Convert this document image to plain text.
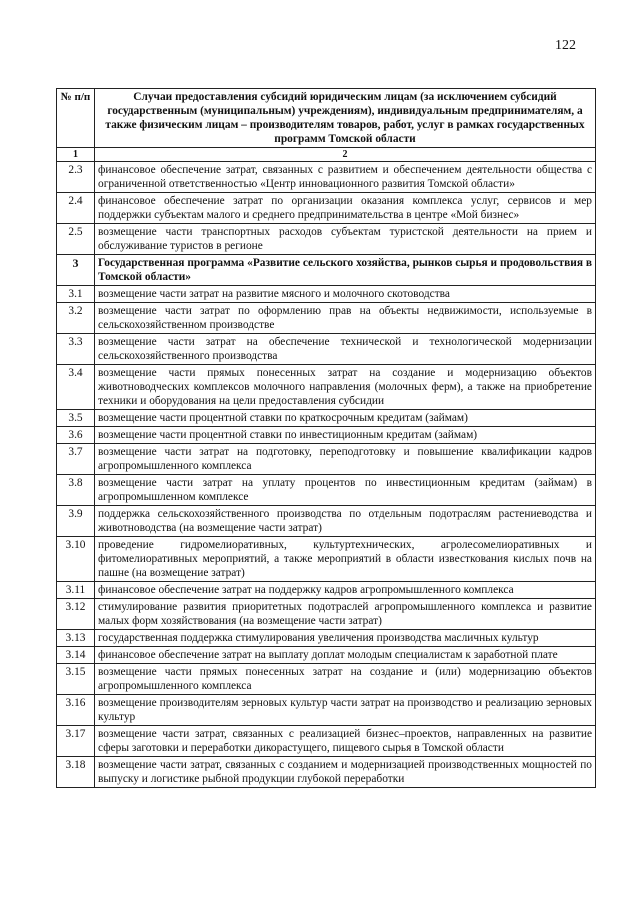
122
№ п/п	Случаи предоставления субсидий юридическим лицам (за исключением субсидий государственным (муниципальным) учреждениям), индивидуальным предпринимателям, а также физическим лицам – производителям товаров, работ, услуг в рамках государственных программ Томской области
1	2
2.3	финансовое обеспечение затрат, связанных с развитием и обеспечением деятельности общества с ограниченной ответственностью «Центр инновационного развития Томской области»
2.4	финансовое обеспечение затрат по организации оказания комплекса услуг, сервисов и мер поддержки субъектам малого и среднего предпринимательства в центре «Мой бизнес»
2.5	возмещение части транспортных расходов субъектам туристской деятельности на прием и обслуживание туристов в регионе
3	Государственная программа «Развитие сельского хозяйства, рынков сырья и продовольствия в Томской области»
3.1	возмещение части затрат на развитие мясного и молочного скотоводства
3.2	возмещение части затрат по оформлению прав на объекты недвижимости, используемые в сельскохозяйственном производстве
3.3	возмещение части затрат на обеспечение технической и технологической модернизации сельскохозяйственного производства
3.4	возмещение части прямых понесенных затрат на создание и модернизацию объектов животноводческих комплексов молочного направления (молочных ферм), а также на приобретение техники и оборудования на цели предоставления субсидии
3.5	возмещение части процентной ставки по краткосрочным кредитам (займам)
3.6	возмещение части процентной ставки по инвестиционным кредитам (займам)
3.7	возмещение части затрат на подготовку, переподготовку и повышение квалификации кадров агропромышленного комплекса
3.8	возмещение части затрат на уплату процентов по инвестиционным кредитам (займам) в агропромышленном комплексе
3.9	поддержка сельскохозяйственного производства по отдельным подотраслям растениеводства и животноводства (на возмещение части затрат)
3.10	проведение гидромелиоративных, культуртехнических, агролесомелиоративных и фитомелиоративных мероприятий, а также мероприятий в области известкования кислых почв на пашне (на возмещение затрат)
3.11	финансовое обеспечение затрат на поддержку кадров агропромышленного комплекса
3.12	стимулирование развития приоритетных подотраслей агропромышленного комплекса и развитие малых форм хозяйствования (на возмещение части затрат)
3.13	государственная поддержка стимулирования увеличения производства масличных культур
3.14	финансовое обеспечение затрат на выплату доплат молодым специалистам к заработной плате
3.15	возмещение части прямых понесенных затрат на создание и (или) модернизацию объектов агропромышленного комплекса
3.16	возмещение производителям зерновых культур части затрат на производство и реализацию зерновых культур
3.17	возмещение части затрат, связанных с реализацией бизнес–проектов, направленных на развитие сферы заготовки и переработки дикорастущего, пищевого сырья в Томской области
3.18	возмещение части затрат, связанных с созданием и модернизацией производственных мощностей по выпуску и логистике рыбной продукции глубокой переработки
